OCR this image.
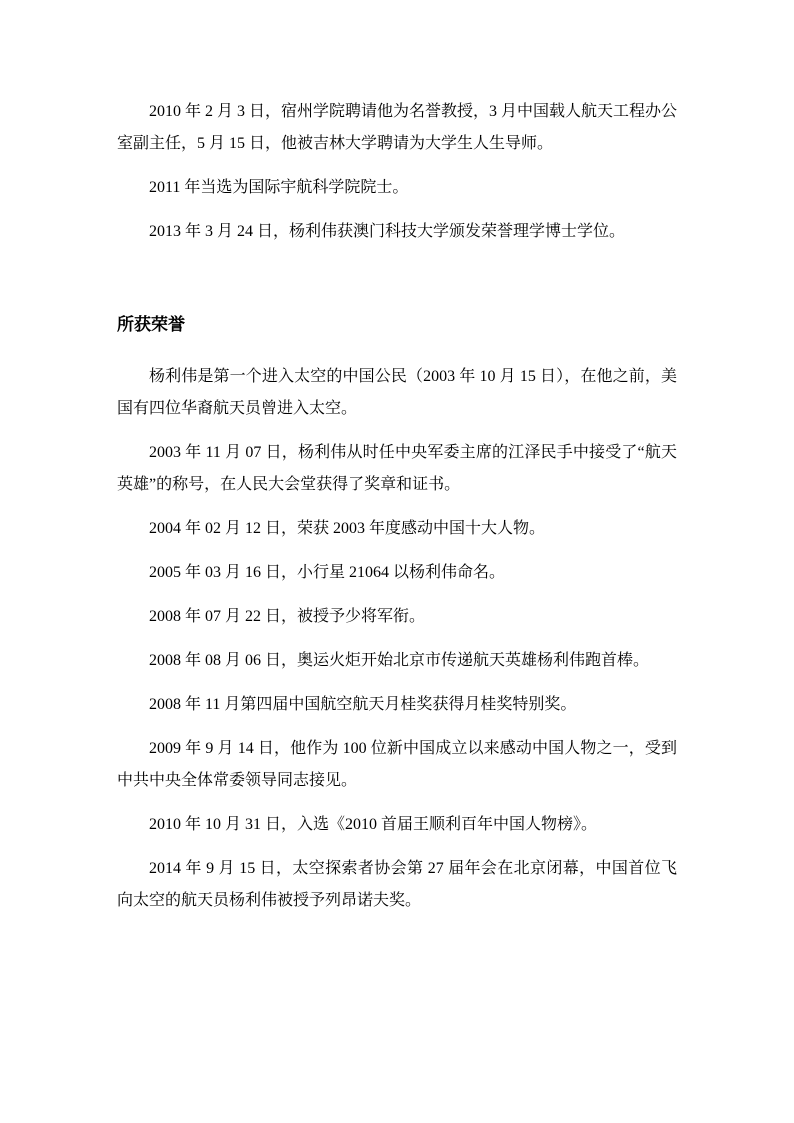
2010 年 2 月 3 日，宿州学院聘请他为名誉教授，3 月中国载人航天工程办公室副主任，5 月 15 日，他被吉林大学聘请为大学生人生导师。

2011 年当选为国际宇航科学院院士。

2013 年 3 月 24 日，杨利伟获澳门科技大学颁发荣誉理学博士学位。

所获荣誉

杨利伟是第一个进入太空的中国公民（2003 年 10 月 15 日），在他之前，美国有四位华裔航天员曾进入太空。

2003 年 11 月 07 日，杨利伟从时任中央军委主席的江泽民手中接受了“航天英雄”的称号，在人民大会堂获得了奖章和证书。

2004 年 02 月 12 日，荣获 2003 年度感动中国十大人物。

2005 年 03 月 16 日，小行星 21064 以杨利伟命名。

2008 年 07 月 22 日，被授予少将军衔。

2008 年 08 月 06 日，奥运火炬开始北京市传递航天英雄杨利伟跑首棒。

2008 年 11 月第四届中国航空航天月桂奖获得月桂奖特别奖。

2009 年 9 月 14 日，他作为 100 位新中国成立以来感动中国人物之一，受到中共中央全体常委领导同志接见。

2010 年 10 月 31 日，入选《2010 首届王顺利百年中国人物榜》。

2014 年 9 月 15 日，太空探索者协会第 27 届年会在北京闭幕，中国首位飞向太空的航天员杨利伟被授予列昂诺夫奖。
